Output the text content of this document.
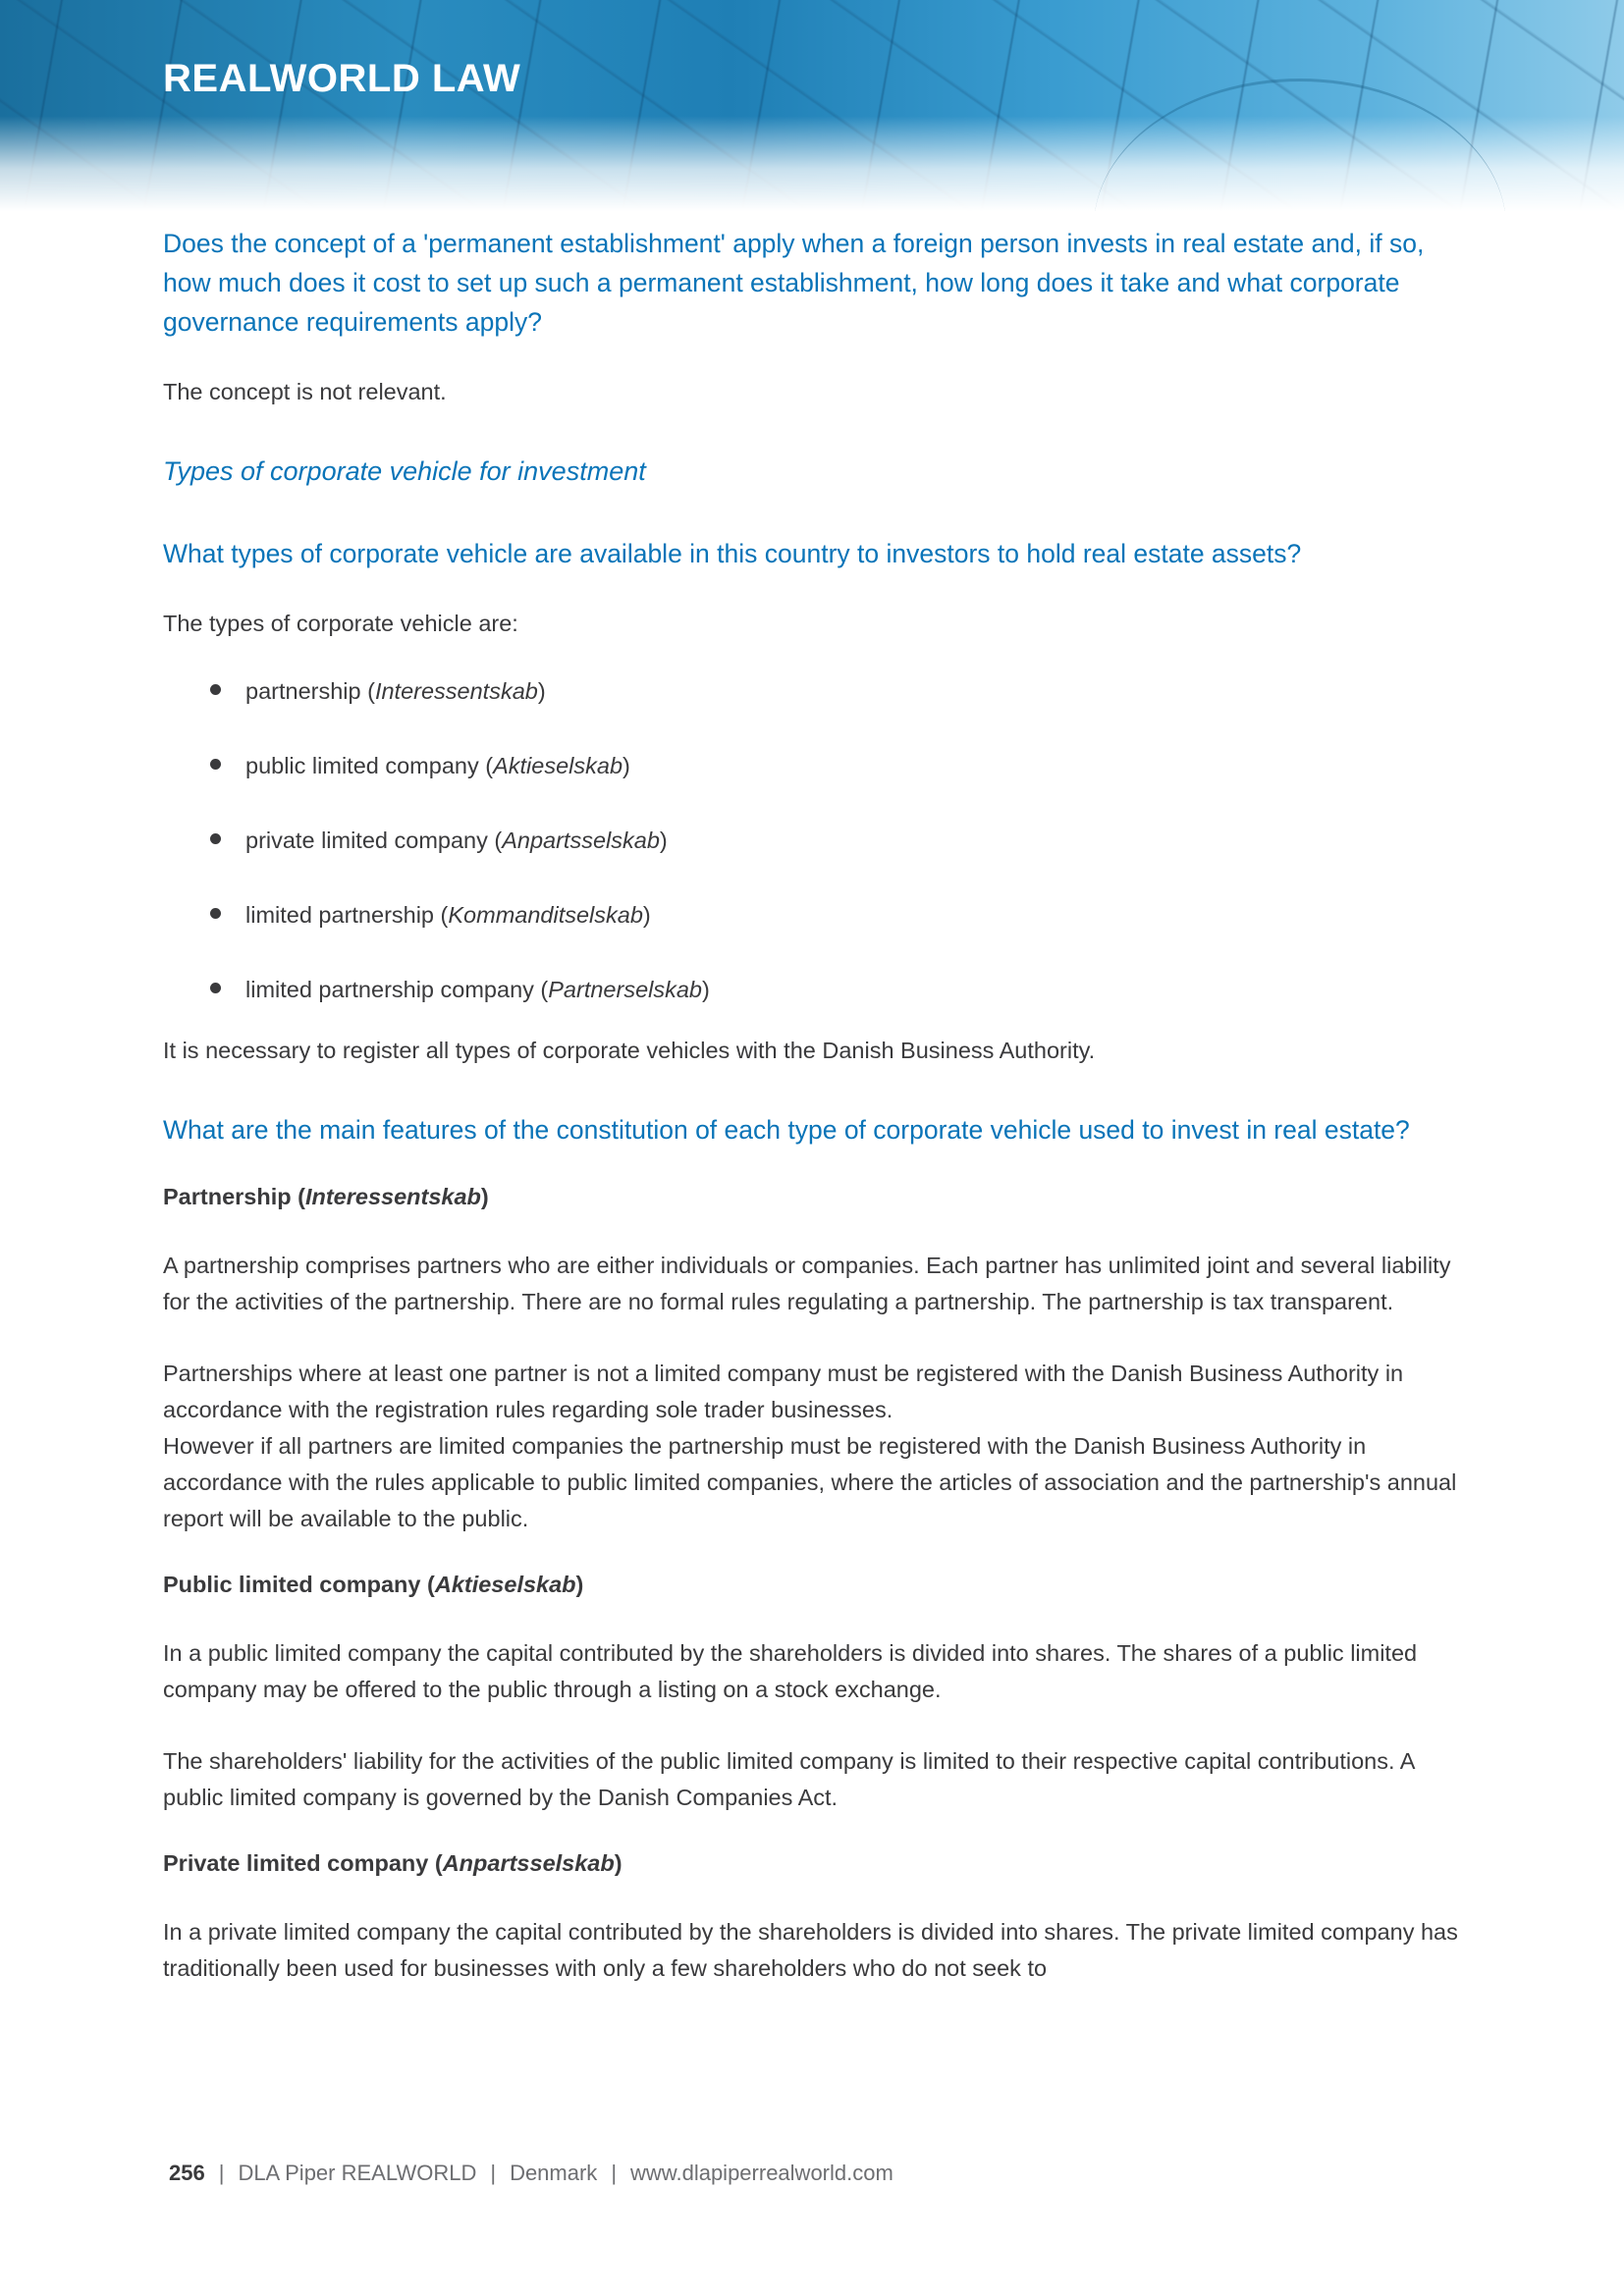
REALWORLD LAW

Does the concept of a 'permanent establishment' apply when a foreign person invests in real estate and, if so, how much does it cost to set up such a permanent establishment, how long does it take and what corporate governance requirements apply?

The concept is not relevant.

Types of corporate vehicle for investment

What types of corporate vehicle are available in this country to investors to hold real estate assets?

The types of corporate vehicle are:

partnership (Interessentskab)
public limited company (Aktieselskab)
private limited company (Anpartsselskab)
limited partnership (Kommanditselskab)
limited partnership company (Partnerselskab)

It is necessary to register all types of corporate vehicles with the Danish Business Authority.

What are the main features of the constitution of each type of corporate vehicle used to invest in real estate?

Partnership (Interessentskab)

A partnership comprises partners who are either individuals or companies. Each partner has unlimited joint and several liability for the activities of the partnership. There are no formal rules regulating a partnership. The partnership is tax transparent.

Partnerships where at least one partner is not a limited company must be registered with the Danish Business Authority in accordance with the registration rules regarding sole trader businesses.

However if all partners are limited companies the partnership must be registered with the Danish Business Authority in accordance with the rules applicable to public limited companies, where the articles of association and the partnership's annual report will be available to the public.

Public limited company (Aktieselskab)

In a public limited company the capital contributed by the shareholders is divided into shares. The shares of a public limited company may be offered to the public through a listing on a stock exchange.

The shareholders' liability for the activities of the public limited company is limited to their respective capital contributions. A public limited company is governed by the Danish Companies Act.

Private limited company (Anpartsselskab)

In a private limited company the capital contributed by the shareholders is divided into shares. The private limited company has traditionally been used for businesses with only a few shareholders who do not seek to

256 | DLA Piper REALWORLD | Denmark | www.dlapiperrealworld.com
